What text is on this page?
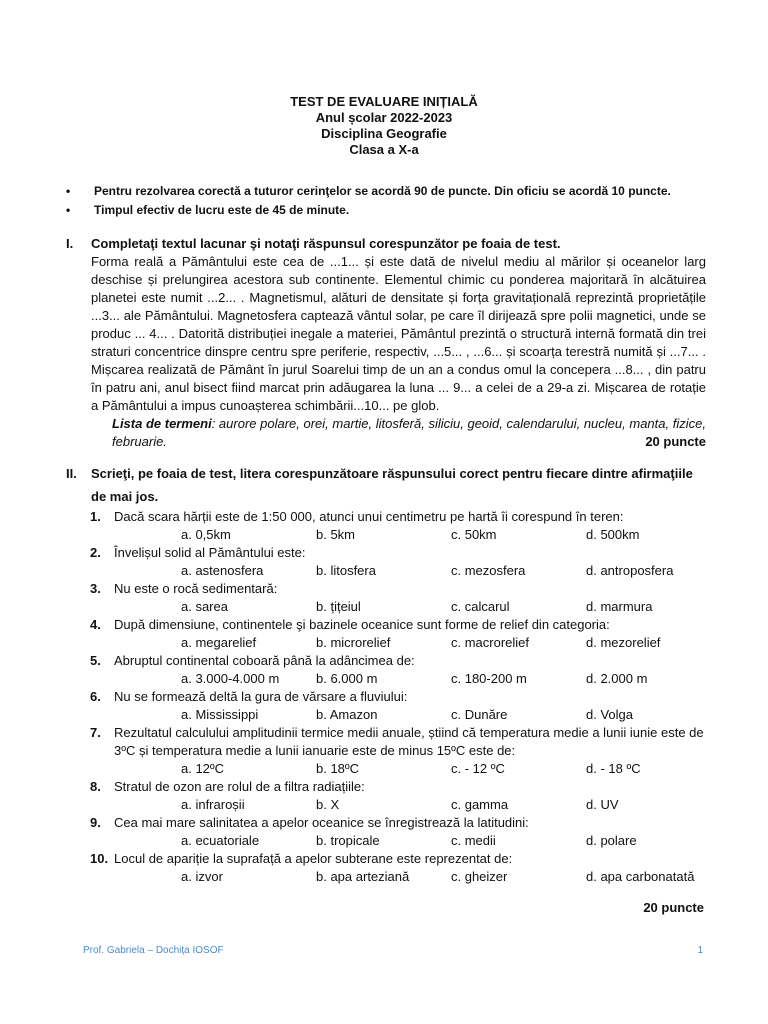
TEST DE EVALUARE INIȚIALĂ
Anul școlar 2022-2023
Disciplina Geografie
Clasa a X-a
•	Pentru rezolvarea corectă a tuturor cerinţelor se acordă 90 de puncte. Din oficiu se acordă 10 puncte.
•	Timpul efectiv de lucru este de 45 de minute.
I.	Completaţi textul lacunar şi notaţi răspunsul corespunzător pe foaia de test.
Forma reală a Pământului este cea de ...1... și este dată de nivelul mediu al mărilor și oceanelor larg deschise și prelungirea acestora sub continente. Elementul chimic cu ponderea majoritară în alcătuirea planetei este numit ...2... . Magnetismul, alături de densitate și forța gravitațională reprezintă proprietățile ...3... ale Pământului. Magnetosfera captează vântul solar, pe care îl dirijează spre polii magnetici, unde se produc ... 4... . Datorită distribuției inegale a materiei, Pământul prezintă o structură internă formată din trei straturi concentrice dinspre centru spre periferie, respectiv, ...5... , ...6... și scoarța terestră numită și ...7... . Mișcarea realizată de Pământ în jurul Soarelui timp de un an a condus omul la concepera ...8... , din patru în patru ani, anul bisect fiind marcat prin adăugarea la luna ... 9... a celei de a 29-a zi. Mișcarea de rotație a Pământului a impus cunoașterea schimbării...10... pe glob.
Lista de termeni: aurore polare, orei, martie, litosferă, siliciu, geoid, calendarului, nucleu, manta, fizice,
februarie.	20 puncte
II.	Scrieţi, pe foaia de test, litera corespunzătoare răspunsului corect pentru fiecare dintre afirmaţiile de mai jos.
1.	Dacă scara hărții este de 1:50 000, atunci unui centimetru pe hartă îi corespund în teren:
a. 0,5km	b. 5km	c. 50km	d. 500km
2.	Învelișul solid al Pământului este:
a. astenosfera	b. litosfera	c. mezosfera	d. antroposfera
3.	Nu este o rocă sedimentară:
a. sarea	b. țițeiul	c. calcarul	d. marmura
4.	După dimensiune, continentele şi bazinele oceanice sunt forme de relief din categoria:
a. megarelief	b. microrelief	c. macrorelief	d. mezorelief
5.	Abruptul continental coboară până la adâncimea de:
a. 3.000-4.000 m	b. 6.000 m	c. 180-200 m	d. 2.000 m
6.	Nu se formează deltă la gura de vărsare a fluviului:
a. Mississippi	b. Amazon	c. Dunăre	d. Volga
7.	Rezultatul calculului amplitudinii termice medii anuale, știind că temperatura medie a lunii iunie este de 3ºC și temperatura medie a lunii ianuarie este de minus 15ºC este de:
a. 12ºC	b. 18ºC	c. - 12 ºC	d. - 18 ºC
8.	Stratul de ozon are rolul de a filtra radiațiile:
a. infraroșii	b. X	c. gamma	d. UV
9.	Cea mai mare salinitatea a apelor oceanice se înregistrează la latitudini:
a. ecuatoriale	b. tropicale	c. medii	d. polare
10. Locul de apariție la suprafață a apelor subterane este reprezentat de:
a. izvor	b. apa arteziană	c. gheizer	d. apa carbonatată
20 puncte
Prof. Gabriela – Dochița IOSOF	1
